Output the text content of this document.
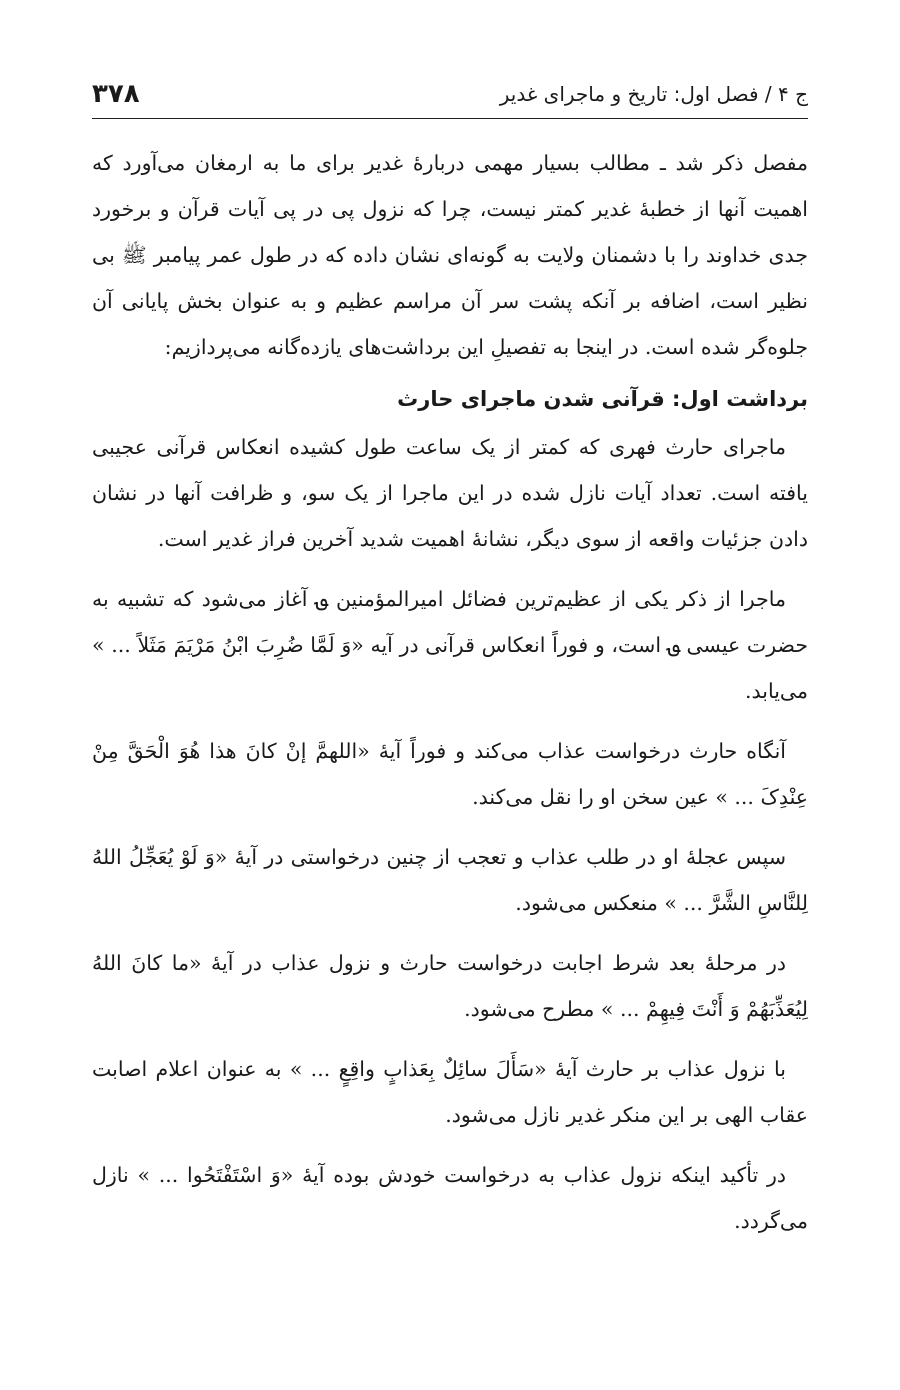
۳۷۸	ج ۴ / فصل اول: تاریخ و ماجرای غدیر

مفصل ذکر شد ـ مطالب بسیار مهمی دربارۀ غدیر برای ما به ارمغان می‌آورد که اهمیت آنها از خطبۀ غدیر کمتر نیست، چرا که نزول پی در پی آیات قرآن و برخورد جدی خداوند را با دشمنان ولایت به گونه‌ای نشان داده که در طول عمر پیامبر ﷺ بی نظیر است، اضافه بر آنکه پشت سر آن مراسم عظیم و به عنوان بخش پایانی آن جلوه‌گر شده است. در اینجا به تفصیلِ این برداشت‌های یازده‌گانه می‌پردازیم:

برداشت اول: قرآنی شدن ماجرای حارث

ماجرای حارث فهری که کمتر از یک ساعت طول کشیده انعکاس قرآنی عجیبی یافته است. تعداد آیات نازل شده در این ماجرا از یک سو، و ظرافت آنها در نشان دادن جزئیات واقعه از سوی دیگر، نشانۀ اهمیت شدید آخرین فراز غدیر است.

ماجرا از ذکر یکی از عظیم‌ترین فضائل امیرالمؤمنین ؈ آغاز می‌شود که تشبیه به حضرت عیسی ؈ است، و فوراً انعکاس قرآنی در آیه «وَ لَمَّا ضُرِبَ ابْنُ مَرْیَمَ مَثَلاً ... » می‌یابد.

آنگاه حارث درخواست عذاب می‌کند و فوراً آیۀ «اللهمَّ إنْ کانَ هذا هُوَ الْحَقَّ مِنْ عِنْدِکَ ... » عین سخن او را نقل می‌کند.

سپس عجلۀ او در طلب عذاب و تعجب از چنین درخواستی در آیۀ «وَ لَوْ یُعَجِّلُ اللهُ لِلنَّاسِ الشَّرَّ ... » منعکس می‌شود.

در مرحلۀ بعد شرط اجابت درخواست حارث و نزول عذاب در آیۀ «ما کانَ اللهُ لِیُعَذِّبَهُمْ وَ أَنْتَ فِیهِمْ ... » مطرح می‌شود.

با نزول عذاب بر حارث آیۀ «سَأَلَ سائِلٌ بِعَذابٍ واقِعٍ ... » به عنوان اعلام اصابت عقاب الهی بر این منکر غدیر نازل می‌شود.

در تأکید اینکه نزول عذاب به درخواست خودش بوده آیۀ «وَ اسْتَفْتَحُوا ... » نازل می‌گردد.
